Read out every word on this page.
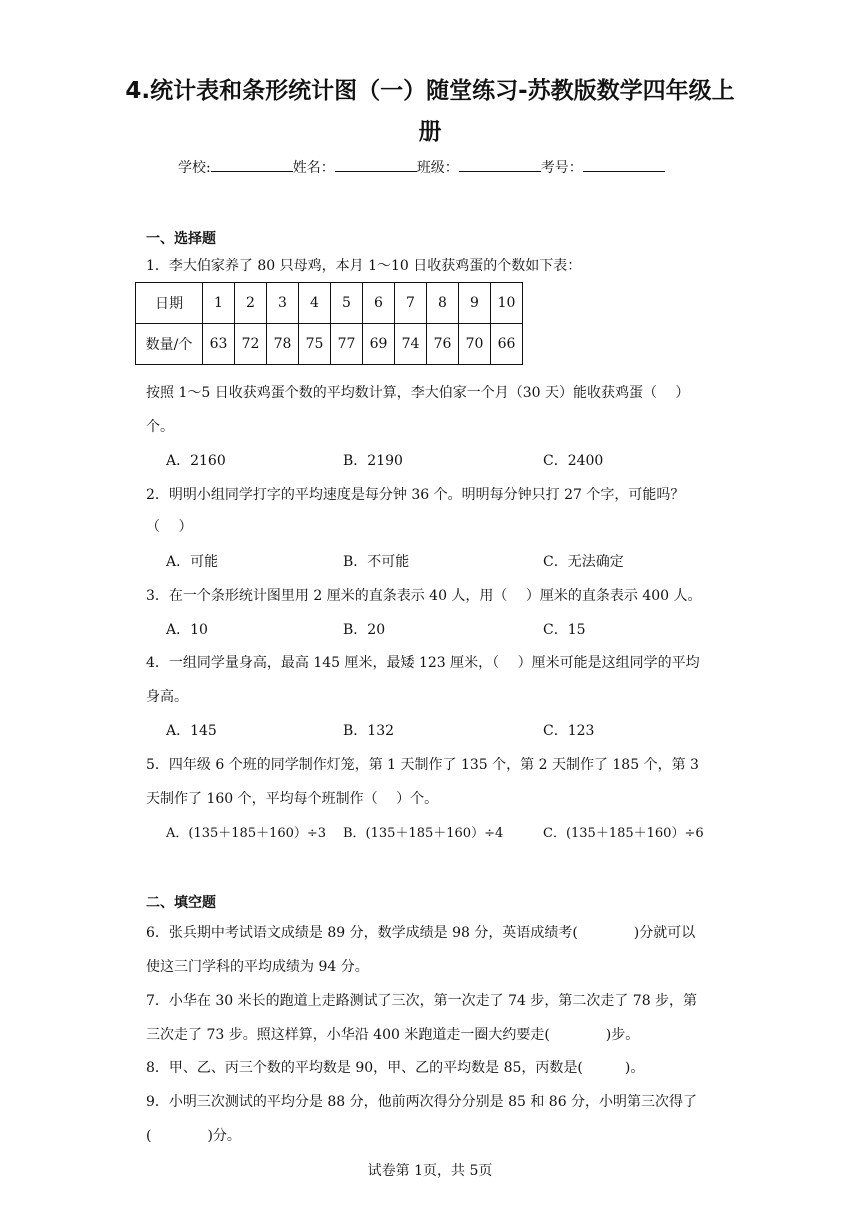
4.统计表和条形统计图（一）随堂练习-苏教版数学四年级上
册
学校:	姓名：	班级：	考号：
一、选择题
1．李大伯家养了 80 只母鸡，本月 1～10 日收获鸡蛋的个数如下表：
日期	1	2	3	4	5	6	7	8	9	10
数量/个	63	72	78	75	77	69	74	76	70	66
按照 1～5 日收获鸡蛋个数的平均数计算，李大伯家一个月（30 天）能收获鸡蛋（　 ）
个。
A．2160	B．2190	C．2400
2．明明小组同学打字的平均速度是每分钟 36 个。明明每分钟只打 27 个字，可能吗？
（　 ）
A．可能	B．不可能	C．无法确定
3．在一个条形统计图里用 2 厘米的直条表示 40 人，用（　 ）厘米的直条表示 400 人。
A．10	B．20	C．15
4．一组同学量身高，最高 145 厘米，最矮 123 厘米，（　 ）厘米可能是这组同学的平均
身高。
A．145	B．132	C．123
5．四年级 6 个班的同学制作灯笼，第 1 天制作了 135 个，第 2 天制作了 185 个，第 3
天制作了 160 个，平均每个班制作（　 ）个。
A．(135＋185＋160）÷3 B．(135＋185＋160）÷4	C．(135＋185＋160）÷6
二、填空题
6．张兵期中考试语文成绩是 89 分，数学成绩是 98 分，英语成绩考(　　　　)分就可以
使这三门学科的平均成绩为 94 分。
7．小华在 30 米长的跑道上走路测试了三次，第一次走了 74 步，第二次走了 78 步，第
三次走了 73 步。照这样算，小华沿 400 米跑道走一圈大约要走(　　　　)步。
8．甲、乙、丙三个数的平均数是 90，甲、乙的平均数是 85，丙数是(　　　)。
9．小明三次测试的平均分是 88 分，他前两次得分分别是 85 和 86 分，小明第三次得了
(　　　　)分。
试卷第 1页，共 5页
